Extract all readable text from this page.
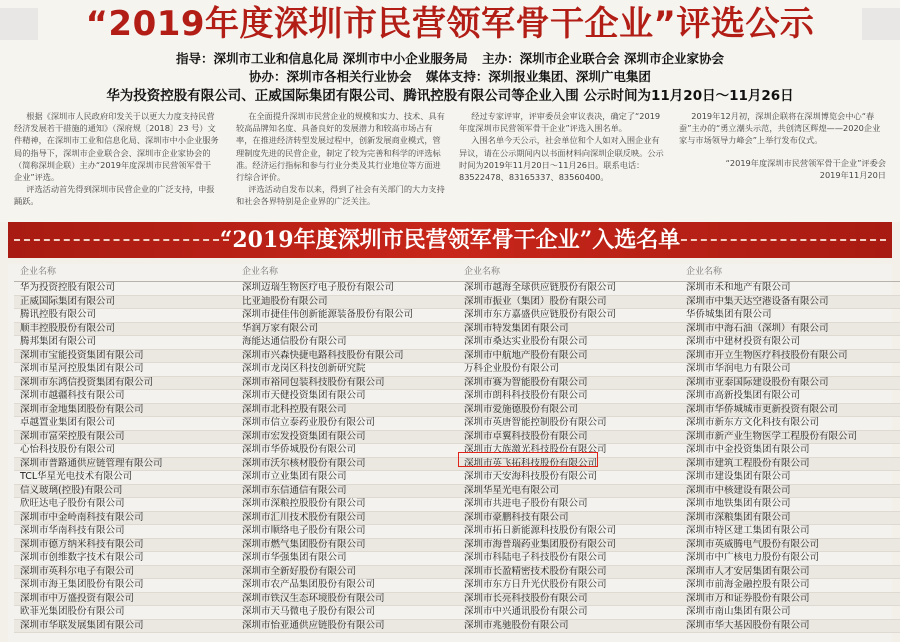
“2019年度深圳市民营领军骨干企业”评选公示
指导：深圳市工业和信息化局 深圳市中小企业服务局 主办：深圳市企业联合会 深圳市企业家协会
协办：深圳市各相关行业协会 媒体支持：深圳报业集团、深圳广电集团
华为投资控股有限公司、正威国际集团有限公司、腾讯控股有限公司等企业入围 公示时间为11月20日～11月26日

根据《深圳市人民政府印发关于以更大力度支持民营经济发展若干措施的通知》（深府规〔2018〕23 号）文件精神，在深圳市工业和信息化局、深圳市中小企业服务局的指导下，深圳市企业联合会、深圳市企业家协会的（简称深圳企联）主办“2019年度深圳市民营领军骨干企业”评选。

评选活动首先得到深圳市民营企业的广泛支持，申报踊跃。

在全面提升深圳市民营企业的规模和实力、技术、具有较高品牌知名度、具备良好的发展潜力和较高市场占有率，在推进经济转型发展过程中，创新发展商业模式，管理制度先进的民营企业，制定了较为完善和科学的评选标准。经济运行指标和参与行业分类及其行业地位等方面进行综合评价。

评选活动自发布以来，得到了社会有关部门的大力支持和社会各界特别是企业界的广泛关注。

经过专家评审，评审委员会审议表决，确定了“2019年度深圳市民营领军骨干企业”评选入围名单。

入围名单今天公示，社会单位和个人如对入围企业有异议，请在公示期间内以书面材料向深圳企联反映。公示时间为2019年11月20日～11月26日。联系电话：83522478、83165337、83560400。

2019年12月初，深圳企联将在深圳博览会中心“春蚕”主办的“勇立潮头示范，共创湾区辉煌——2020企业家与市场领导力峰会”上举行发布仪式。

“2019年度深圳市民营领军骨干企业”评委会
2019年11月20日

“2019年度深圳市民营领军骨干企业”入选名单
企业名称
华为投资控股有限公司
正威国际集团有限公司
腾讯控股有限公司
顺丰控股股份有限公司
腾邦集团有限公司
深圳市宝能投资集团有限公司
深圳市星河控股集团有限公司
深圳市东鸿信投资集团有限公司
深圳市越疆科技有限公司
深圳市金地集团股份有限公司
卓越置业集团有限公司
深圳市富荣控股有限公司
心怡科技股份有限公司
深圳市普路通供应链管理有限公司
TCL华星光电技术有限公司
信义玻璃(控股)有限公司
欣旺达电子股份有限公司
深圳市中金岭南科技有限公司
深圳市华南科技有限公司
深圳市德方纳米科技有限公司
深圳市创维数字技术有限公司
深圳市英科尔电子有限公司
深圳市海王集团股份有限公司
深圳市中万盛投资有限公司
欧菲光集团股份有限公司
深圳市华联发展集团有限公司
企业名称
深圳迈瑞生物医疗电子股份有限公司
比亚迪股份有限公司
深圳市捷佳伟创新能源装备股份有限公司
华润万家有限公司
海能达通信股份有限公司
深圳市兴森快捷电路科技股份有限公司
深圳市龙岗区科技创新研究院
深圳市裕同包装科技股份有限公司
深圳市天健投资集团有限公司
深圳市北科控股有限公司
深圳市信立泰药业股份有限公司
深圳市宏发投资集团有限公司
深圳市华侨城股份有限公司
深圳市沃尔核材股份有限公司
深圳市立业集团有限公司
深圳市东信通信有限公司
深圳市深粮控股股份有限公司
深圳市汇川技术股份有限公司
深圳市顺络电子股份有限公司
深圳市燃气集团股份有限公司
深圳市华强集团有限公司
深圳市全新好股份有限公司
深圳市农产品集团股份有限公司
深圳市铁汉生态环境股份有限公司
深圳市天马微电子股份有限公司
深圳市怡亚通供应链股份有限公司
企业名称
深圳市越海全球供应链股份有限公司
深圳市振业（集团）股份有限公司
深圳市东方嘉盛供应链股份有限公司
深圳市特发集团有限公司
深圳市桑达实业股份有限公司
深圳市中航地产股份有限公司
万科企业股份有限公司
深圳市赛为智能股份有限公司
深圳市朗科科技股份有限公司
深圳市爱施德股份有限公司
深圳市英唐智能控制股份有限公司
深圳市卓翼科技股份有限公司
深圳市大族激光科技股份有限公司
深圳市英飞拓科技股份有限公司
深圳市天安海科技股份有限公司
深圳华星光电有限公司
深圳市共进电子股份有限公司
深圳市豪鹏科技有限公司
深圳市拓日新能源科技股份有限公司
深圳市海普瑞药业集团股份有限公司
深圳市科陆电子科技股份有限公司
深圳市长盈精密技术股份有限公司
深圳市东方日升光伏股份有限公司
深圳市长亮科技股份有限公司
深圳市中兴通讯股份有限公司
深圳市兆驰股份有限公司
企业名称
深圳市禾和地产有限公司
深圳市中集天达空港设备有限公司
华侨城集团有限公司
深圳市中海石油（深圳）有限公司
深圳市中建材投资有限公司
深圳市开立生物医疗科技股份有限公司
深圳市华润电力有限公司
深圳市亚泰国际建设股份有限公司
深圳市高新投集团有限公司
深圳市华侨城城市更新投资有限公司
深圳市新东方文化科技有限公司
深圳市新产业生物医学工程股份有限公司
深圳市中金投资集团有限公司
深圳市建筑工程股份有限公司
深圳市建设集团有限公司
深圳市中核建设有限公司
深圳市地铁集团有限公司
深圳市深粮集团有限公司
深圳市特区建工集团有限公司
深圳市英威腾电气股份有限公司
深圳市中广核电力股份有限公司
深圳市人才安居集团有限公司
深圳市前海金融控股有限公司
深圳市万和证券股份有限公司
深圳市南山集团有限公司
深圳市华大基因股份有限公司
